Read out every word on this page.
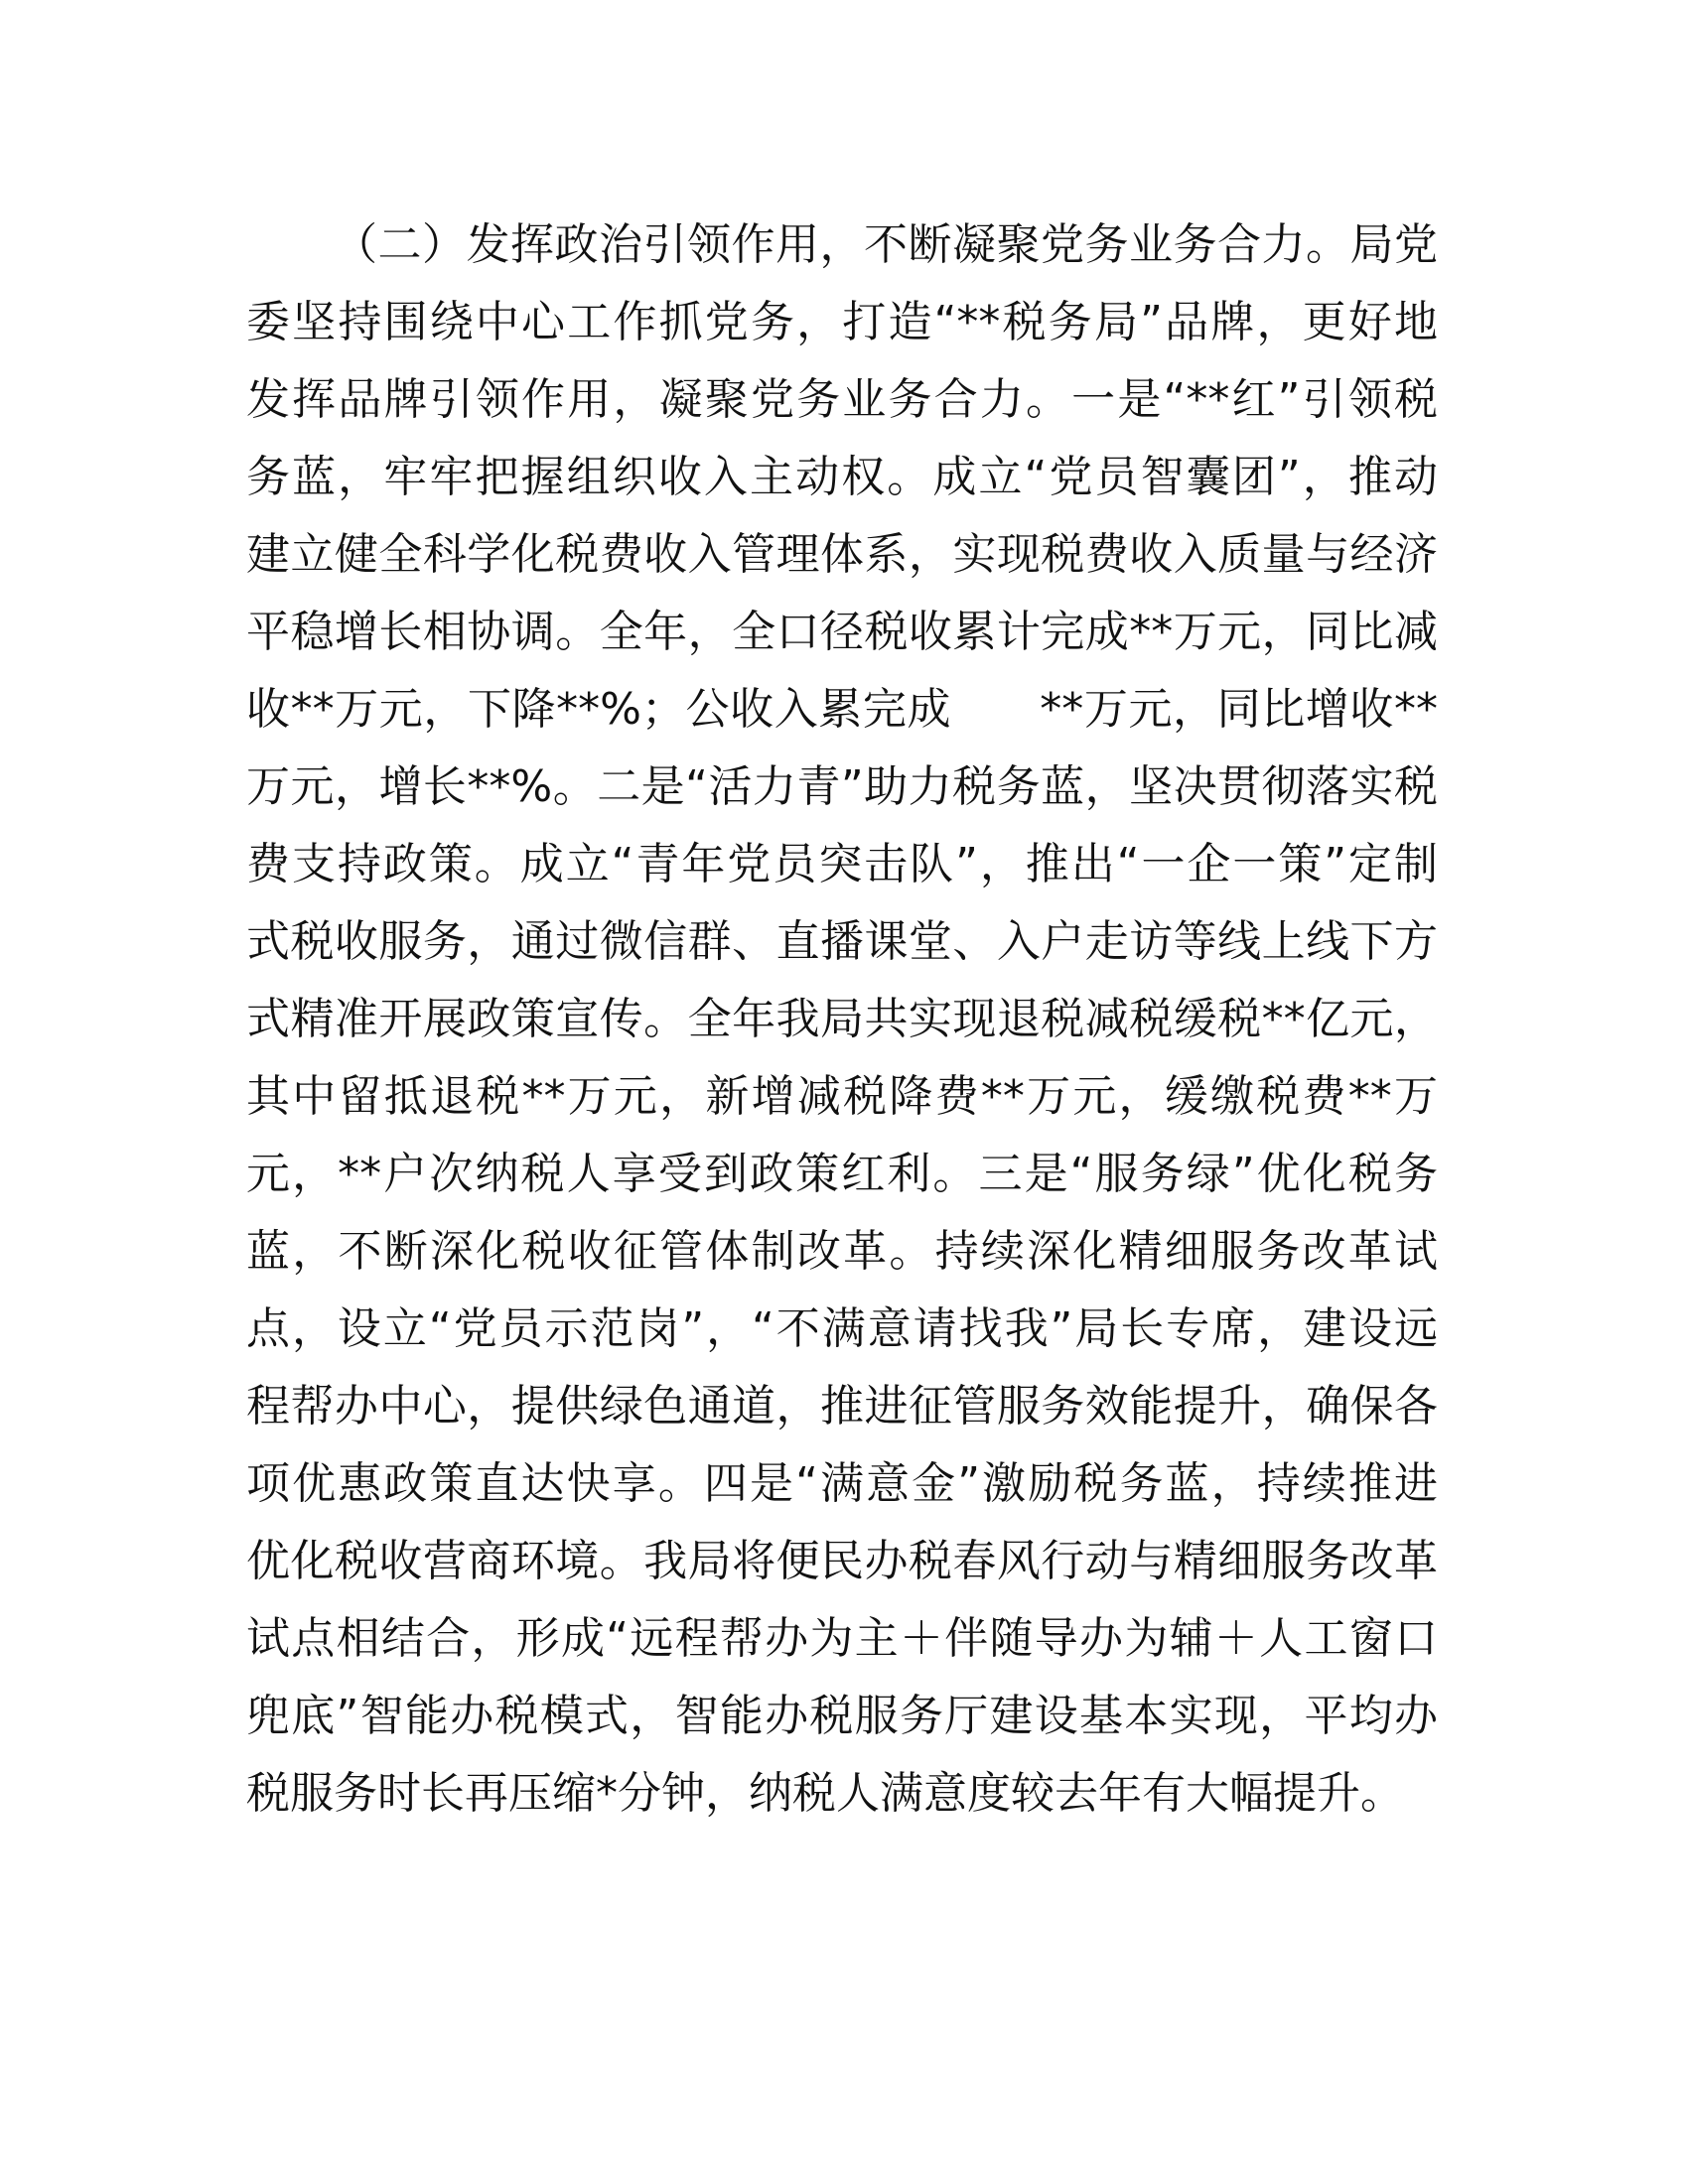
（二）发挥政治引领作用，不断凝聚党务业务合力。局党
委坚持围绕中心工作抓党务，打造“**税务局”品牌，更好地
发挥品牌引领作用，凝聚党务业务合力。一是“**红”引领税
务蓝，牢牢把握组织收入主动权。成立“党员智囊团”，推动
建立健全科学化税费收入管理体系，实现税费收入质量与经济
平稳增长相协调。全年，全口径税收累计完成**万元，同比减
收**万元，下降**%；公收入累完成　　**万元，同比增收**
万元，增长**%。二是“活力青”助力税务蓝，坚决贯彻落实税
费支持政策。成立“青年党员突击队”，推出“一企一策”定制
式税收服务，通过微信群、直播课堂、入户走访等线上线下方
式精准开展政策宣传。全年我局共实现退税减税缓税**亿元，
其中留抵退税**万元，新增减税降费**万元，缓缴税费**万
元，**户次纳税人享受到政策红利。三是“服务绿”优化税务
蓝，不断深化税收征管体制改革。持续深化精细服务改革试
点，设立“党员示范岗”，“不满意请找我”局长专席，建设远
程帮办中心，提供绿色通道，推进征管服务效能提升，确保各
项优惠政策直达快享。四是“满意金”激励税务蓝，持续推进
优化税收营商环境。我局将便民办税春风行动与精细服务改革
试点相结合，形成“远程帮办为主＋伴随导办为辅＋人工窗口
兜底”智能办税模式，智能办税服务厅建设基本实现，平均办
税服务时长再压缩*分钟，纳税人满意度较去年有大幅提升。
